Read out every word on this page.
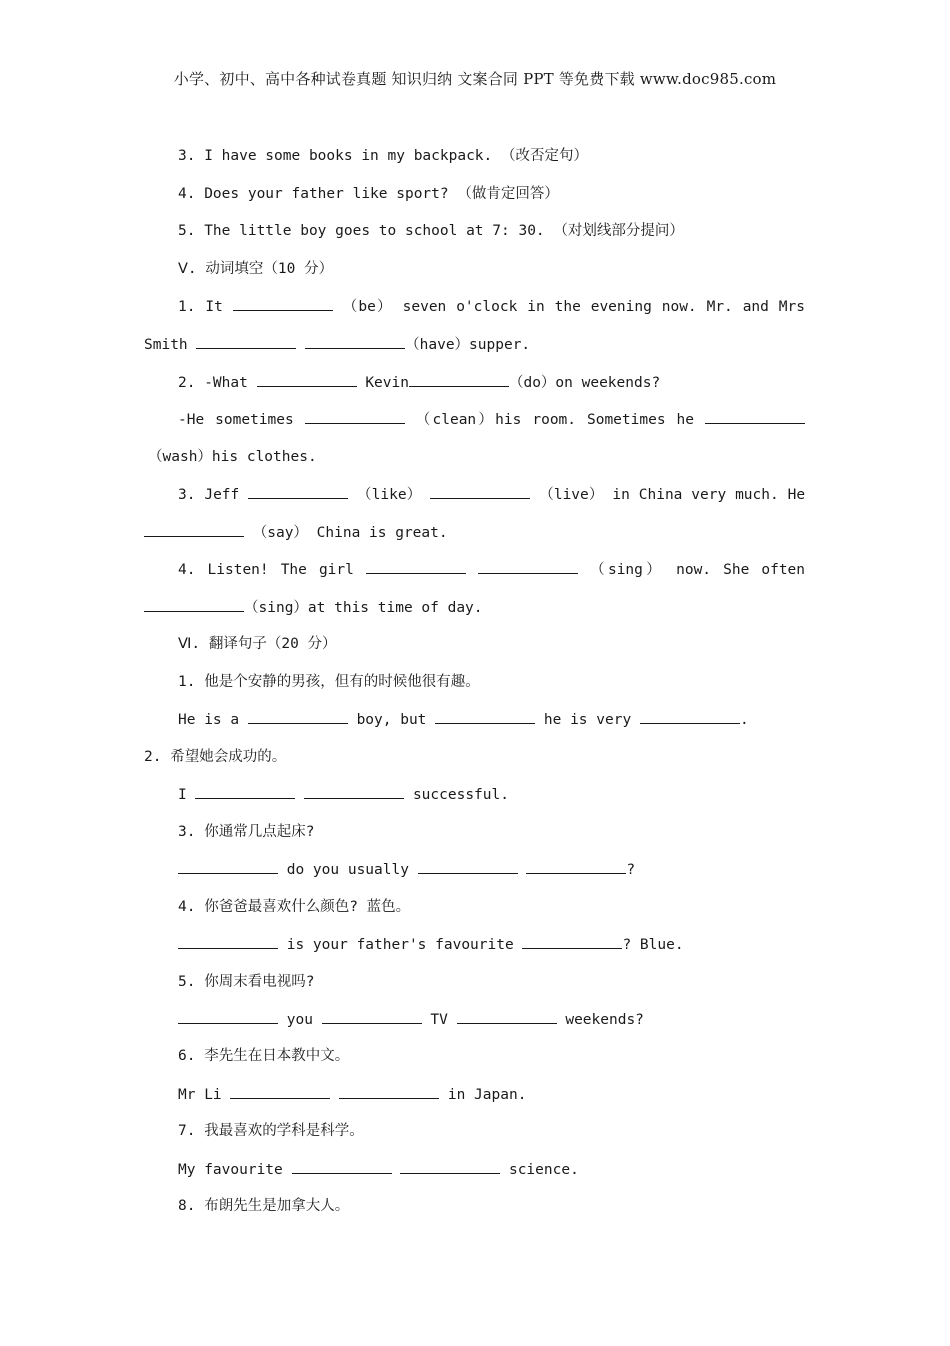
小学、初中、高中各种试卷真题 知识归纳 文案合同 PPT 等免费下载 www.doc985.com
3. I have some books in my backpack. （改否定句）
4. Does your father like sport? （做肯定回答）
5. The little boy goes to school at 7: 30. （对划线部分提问）
Ⅴ. 动词填空（10 分）
1. It	（be） seven o'clock in the evening now. Mr. and Mrs
Smith	（have）supper.
2. -What	Kevin	（do）on weekends?
-He sometimes	（clean）his room. Sometimes he
（wash）his clothes.
3. Jeff	（like）	（live） in China very much. He
（say） China is great.
4. Listen! The girl	（sing） now. She often
（sing）at this time of day.
Ⅵ. 翻译句子（20 分）
1. 他是个安静的男孩，但有的时候他很有趣。
He is a	boy, but	he is very	.
2. 希望她会成功的。
I	successful.
3. 你通常几点起床?
do you usually	?
4. 你爸爸最喜欢什么颜色? 蓝色。
is your father's favourite	? Blue.
5. 你周末看电视吗?
you	TV	weekends?
6. 李先生在日本教中文。
Mr Li	in Japan.
7. 我最喜欢的学科是科学。
My favourite	science.
8. 布朗先生是加拿大人。
